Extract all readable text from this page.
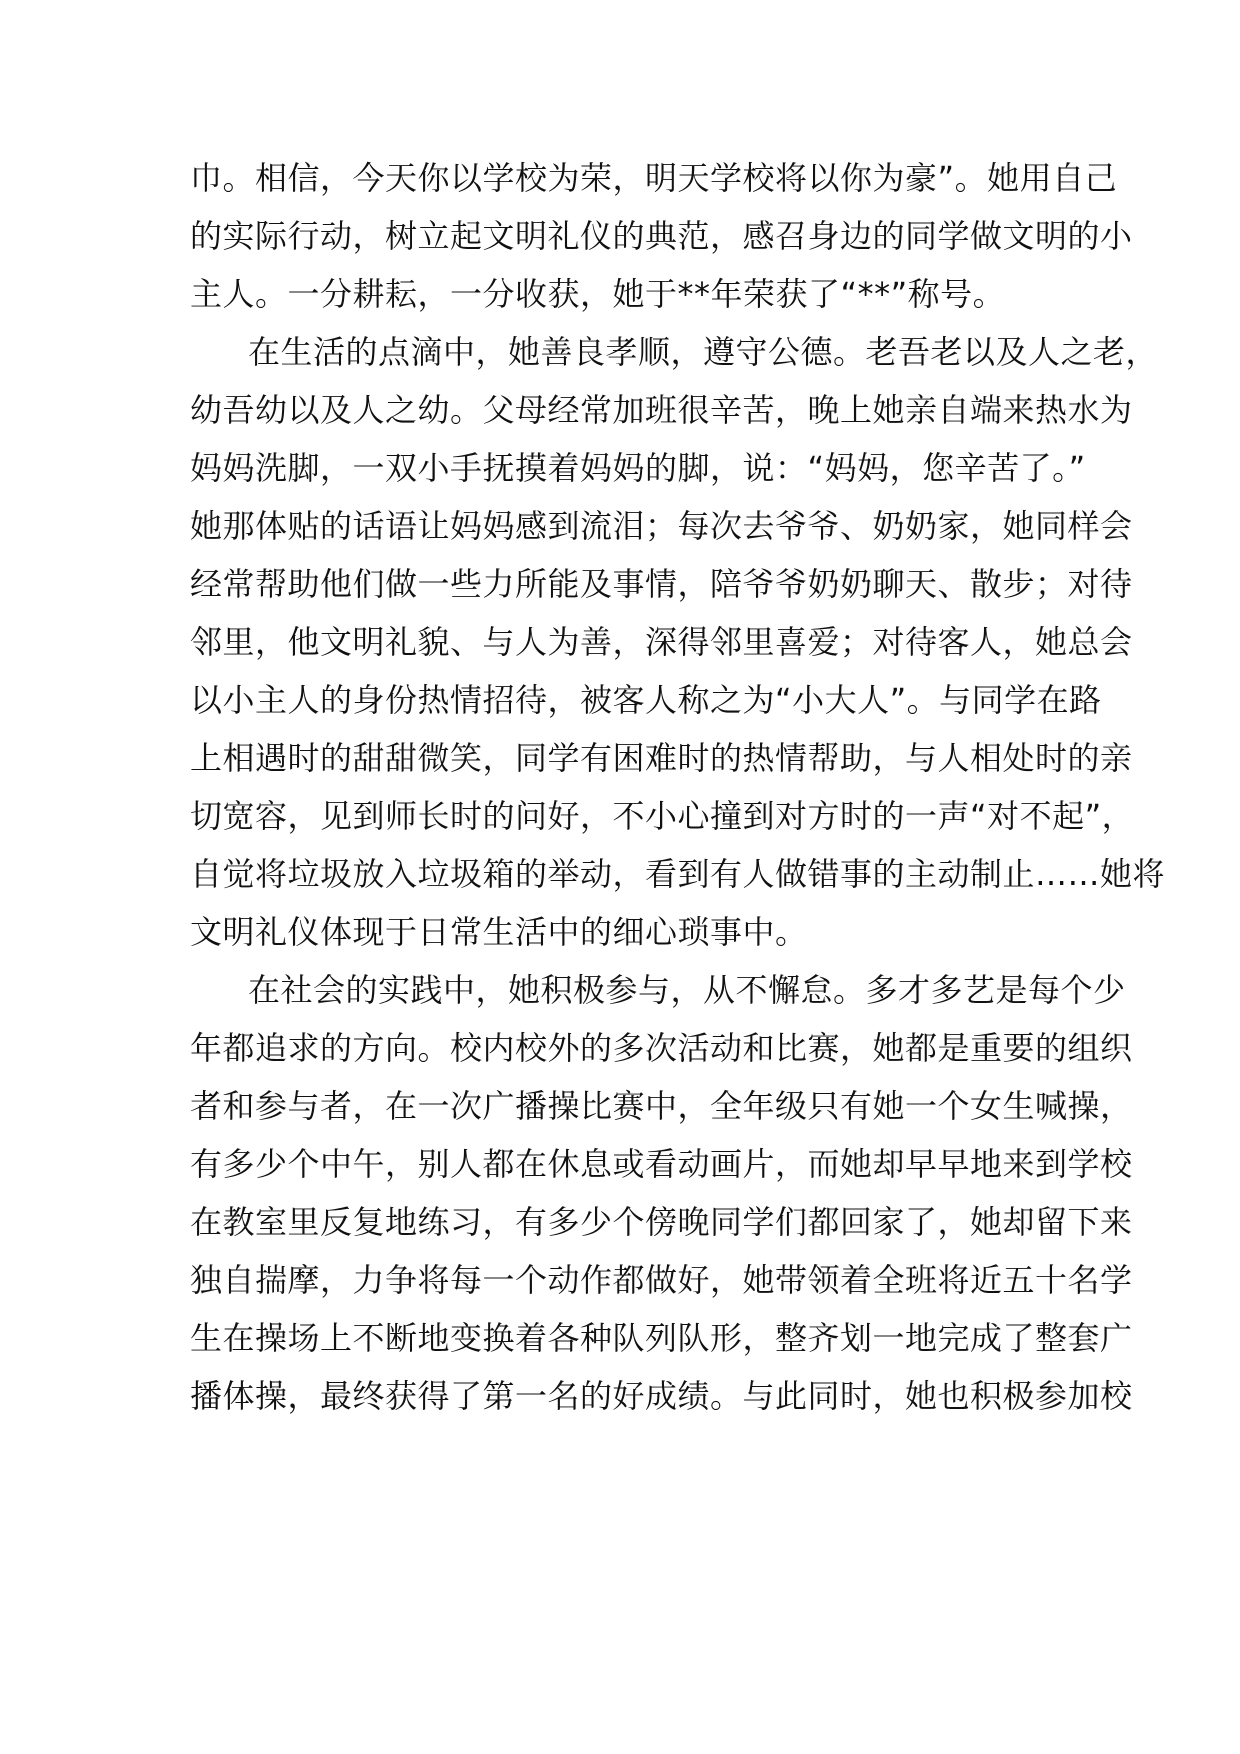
巾。相信，今天你以学校为荣，明天学校将以你为豪”。她用自己
的实际行动，树立起文明礼仪的典范，感召身边的同学做文明的小
主人。一分耕耘，一分收获，她于**年荣获了“**”称号。
在生活的点滴中，她善良孝顺，遵守公德。老吾老以及人之老，
幼吾幼以及人之幼。父母经常加班很辛苦，晚上她亲自端来热水为
妈妈洗脚，一双小手抚摸着妈妈的脚，说：“妈妈，您辛苦了。”
她那体贴的话语让妈妈感到流泪；每次去爷爷、奶奶家，她同样会
经常帮助他们做一些力所能及事情，陪爷爷奶奶聊天、散步；对待
邻里，他文明礼貌、与人为善，深得邻里喜爱；对待客人，她总会
以小主人的身份热情招待，被客人称之为“小大人”。与同学在路
上相遇时的甜甜微笑，同学有困难时的热情帮助，与人相处时的亲
切宽容，见到师长时的问好，不小心撞到对方时的一声“对不起”，
自觉将垃圾放入垃圾箱的举动，看到有人做错事的主动制止……她将
文明礼仪体现于日常生活中的细心琐事中。
在社会的实践中，她积极参与，从不懈怠。多才多艺是每个少
年都追求的方向。校内校外的多次活动和比赛，她都是重要的组织
者和参与者，在一次广播操比赛中，全年级只有她一个女生喊操，
有多少个中午，别人都在休息或看动画片，而她却早早地来到学校
在教室里反复地练习，有多少个傍晚同学们都回家了，她却留下来
独自揣摩，力争将每一个动作都做好，她带领着全班将近五十名学
生在操场上不断地变换着各种队列队形，整齐划一地完成了整套广
播体操，最终获得了第一名的好成绩。与此同时，她也积极参加校
